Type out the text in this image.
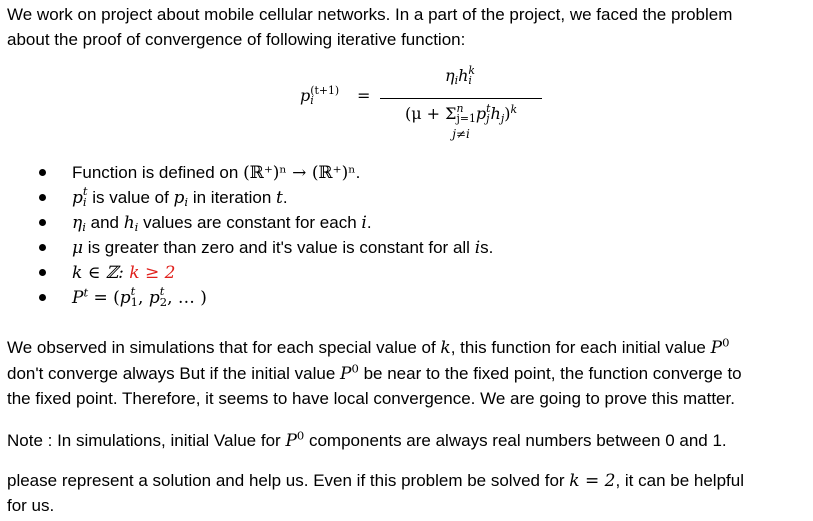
We work on project about mobile cellular networks. In a part of the project, we faced the problem

about the proof of convergence of following iterative function:

p (t+1)
i	=
$\eta_ih$ k
i
(μ + Σ n
j=1 p t
j $h_j)^k$
j≠i
Function is defined on (ℝ⁺)ⁿ → (ℝ⁺)ⁿ.
p t
i is value of $p_i$ in iteration t.
$\eta_i$ and $h_i$ values are constant for each i.
μ is greater than zero and it's value is constant for all is.
k ∈ ℤ: k ≥ 2
$P^t = (p$ t
1 , p t
2 , … )

We observed in simulations that for each special value of k, this function for each initial value $P^0$

don't converge always But if the initial value $P^0$ be near to the fixed point, the function converge to

the fixed point. Therefore, it seems to have local convergence. We are going to prove this matter.

Note : In simulations, initial Value for $P^0$ components are always real numbers between 0 and 1.

please represent a solution and help us. Even if this problem be solved for k = 2, it can be helpful

for us.
